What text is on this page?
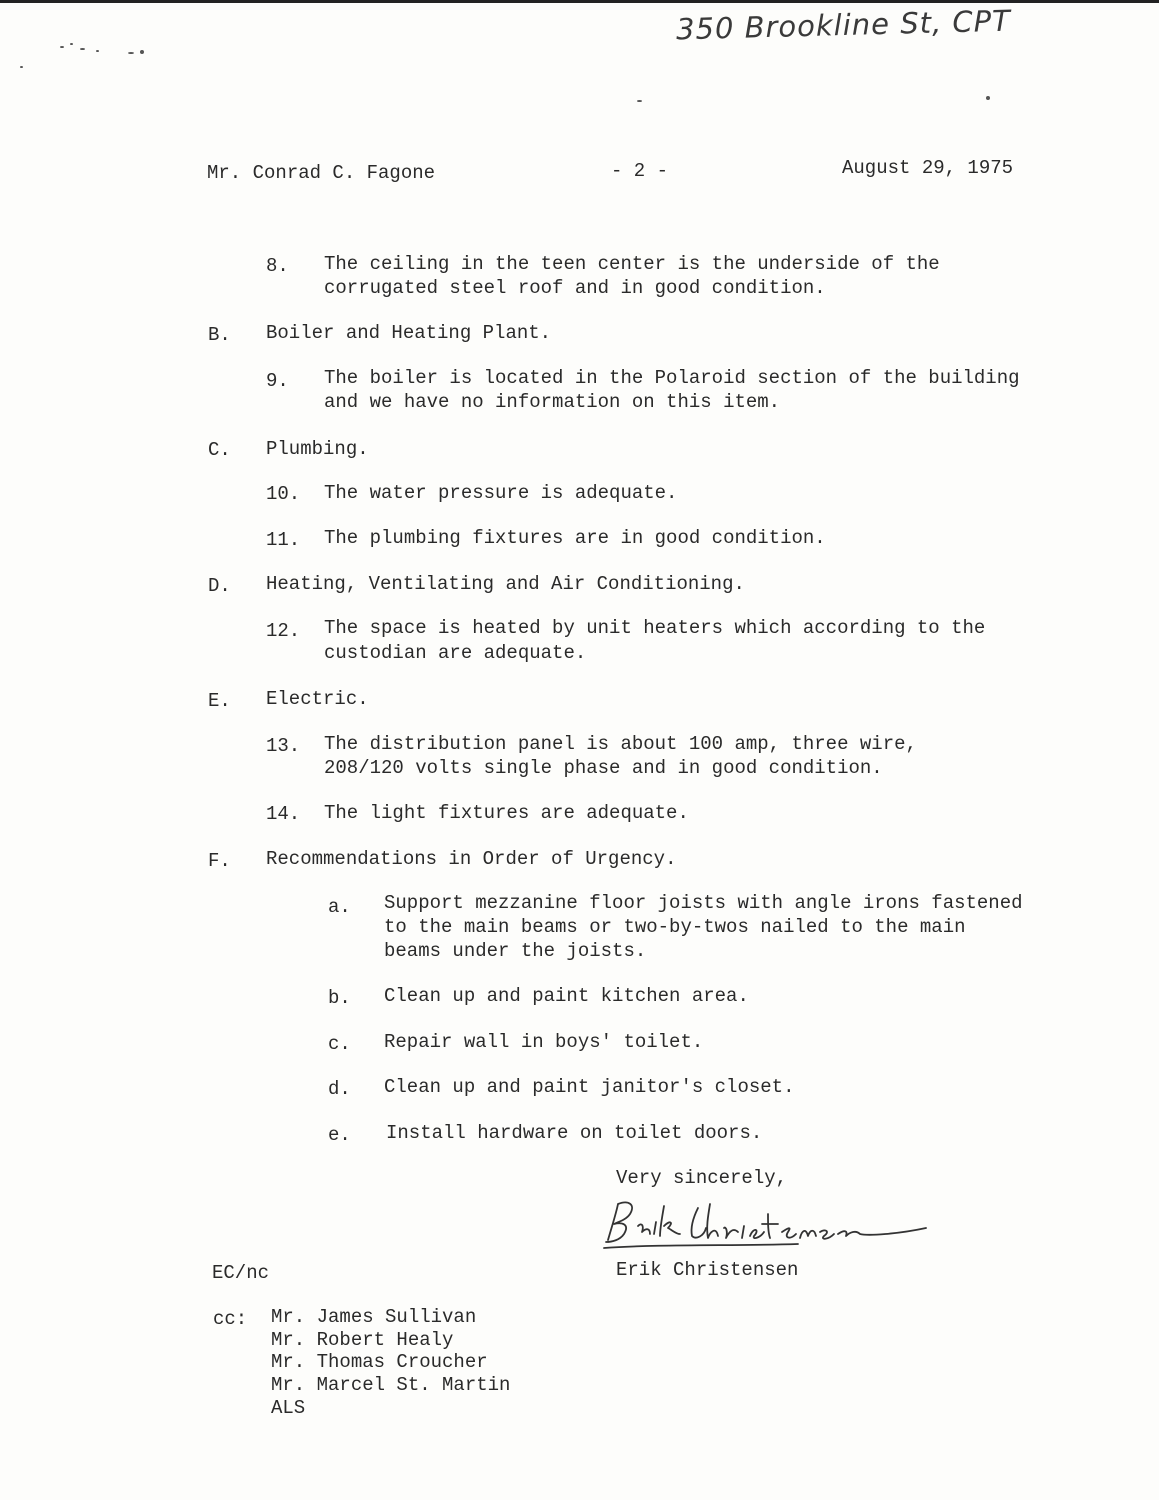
350 Brookline St, CPT
Mr. Conrad C. Fagone	- 2 -	August 29, 1975
8. The ceiling in the teen center is the underside of the
corrugated steel roof and in good condition.
B. Boiler and Heating Plant.
9. The boiler is located in the Polaroid section of the building
and we have no information on this item.
C. Plumbing.
10. The water pressure is adequate.
11. The plumbing fixtures are in good condition.
D. Heating, Ventilating and Air Conditioning.
12. The space is heated by unit heaters which according to the
custodian are adequate.
E. Electric.
13. The distribution panel is about 100 amp, three wire,
208/120 volts single phase and in good condition.
14. The light fixtures are adequate.
F. Recommendations in Order of Urgency.
a. Support mezzanine floor joists with angle irons fastened
to the main beams or two-by-twos nailed to the main
beams under the joists.
b. Clean up and paint kitchen area.
c. Repair wall in boys' toilet.
d. Clean up and paint janitor's closet.
e. Install hardware on toilet doors.
Very sincerely,
Erik Christensen
EC/nc
cc: Mr. James Sullivan
Mr. Robert Healy
Mr. Thomas Croucher
Mr. Marcel St. Martin
ALS
